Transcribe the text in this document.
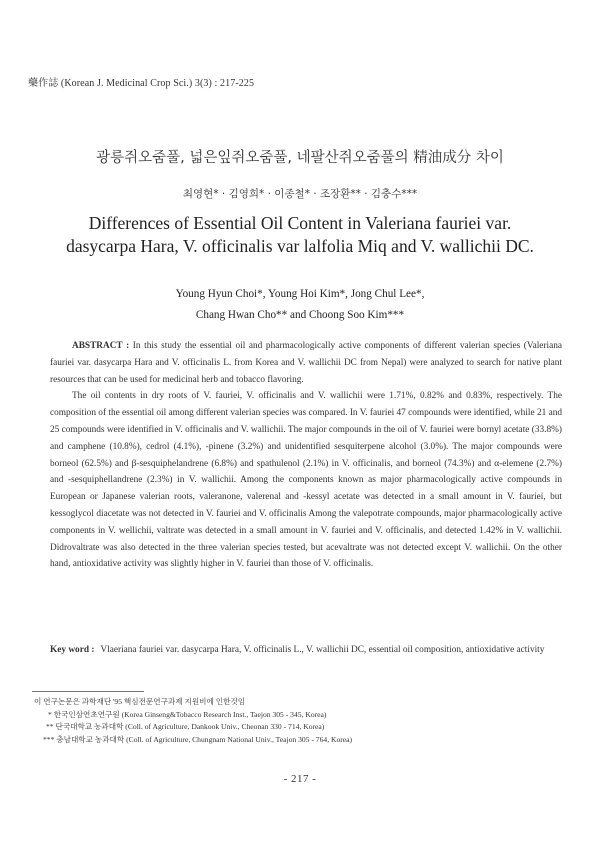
藥作誌 (Korean J. Medicinal Crop Sci.) 3(3) : 217-225
광릉쥐오줌풀, 넓은잎쥐오줌풀, 네팔산쥐오줌풀의 精油成分 차이
최영현* · 김영희* · 이종철* · 조장환** · 김충수***
Differences of Essential Oil Content in Valeriana fauriei var.
dasycarpa Hara, V. officinalis var lalfolia Miq and V. wallichii DC.
Young Hyun Choi*, Young Hoi Kim*, Jong Chul Lee*,
Chang Hwan Cho** and Choong Soo Kim***

ABSTRACT : In this study the essential oil and pharmacologically active components of different valerian species (Valeriana fauriei var. dasycarpa Hara and V. officinalis L. from Korea and V. wallichii DC from Nepal) were analyzed to search for native plant resources that can be used for medicinal herb and tobacco flavoring.

The oil contents in dry roots of V. fauriei, V. officinalis and V. wallichii were 1.71%, 0.82% and 0.83%, respectively. The composition of the essential oil among different valerian species was compared. In V. fauriei 47 compounds were identified, while 21 and 25 compounds were identified in V. officinalis and V. wallichii. The major compounds in the oil of V. fauriei were bornyl acetate (33.8%) and camphene (10.8%), cedrol (4.1%), -pinene (3.2%) and unidentified sesquiterpene alcohol (3.0%). The major compounds were borneol (62.5%) and β-sesquiphelandrene (6.8%) and spathulenol (2.1%) in V. officinalis, and borneol (74.3%) and α-elemene (2.7%) and -sesquiphellandrene (2.3%) in V. wallichii. Among the components known as major pharmacologically active compounds in European or Japanese valerian roots, valeranone, valerenal and -kessyl acetate was detected in a small amount in V. fauriei, but kessoglycol diacetate was not detected in V. fauriei and V. officinalis Among the valepotrate compounds, major pharmacologically active components in V. wellichii, valtrate was detected in a small amount in V. fauriei and V. officinalis, and detected 1.42% in V. wallichii. Didrovaltrate was also detected in the three valerian species tested, but acevaltrate was not detected except V. wallichii. On the other hand, antioxidative activity was slightly higher in V. fauriei than those of V. officinalis.

Key word : Vlaeriana fauriei var. dasycarpa Hara, V. officinalis L., V. wallichii DC, essential oil composition, antioxidative activity
이 연구논문은 과학재단 '95 핵심전문연구과제 지원비에 인한것임
* 한국인삼연초연구원 (Korea Ginseng&Tobacco Research Inst., Taejon 305 - 345, Korea)
** 단국대학교 농과대학 (Coll. of Agriculture, Dankook Univ., Cheonan 330 - 714, Korea)
*** 충남대학교 농과대학 (Coll. of Agriculture, Chungnam National Univ., Teajon 305 - 764, Korea)
- 217 -
